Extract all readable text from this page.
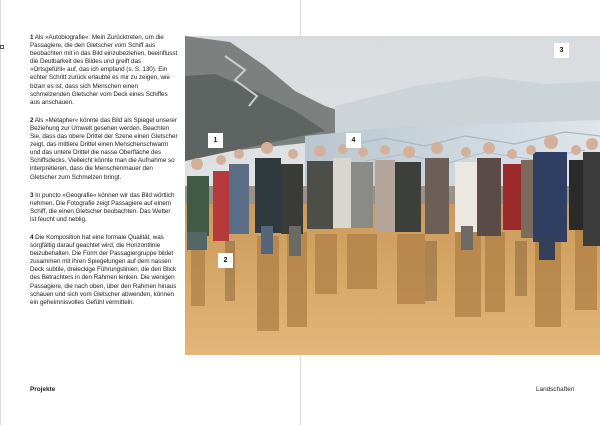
1 Als »Autobiografie«: Mein Zurücktreten, um die Passagiere, die den Gletscher vom Schiff aus beobachten mit in das Bild einzubeziehen, beeinflusst die Deutbarkeit des Bildes und greift das »Ortsgefühl« auf, das ich empfand (s. S. 130). Ein echter Schritt zurück erlaubte es mir zu zeigen, wie bizarr es ist, dass sich Menschen einen schmelzenden Gletscher vom Deck eines Schiffes aus anschauen.

2 Als »Metapher« könnte das Bild als Spiegel unserer Beziehung zur Umwelt gesehen werden. Beachten Sie, dass das obere Drittel der Szene einen Gletscher zeigt, das mittlere Drittel einen Menschenschwarm und das untere Drittel die nasse Oberfläche des Schiffsdecks. Vielleicht könnte man die Aufnahme so interpretieren, dass die Menschenmauer den Gletscher zum Schmelzen bringt.

3 In puncto »Geografie« können wir das Bild wörtlich nehmen. Die Fotografie zeigt Passagiere auf einem Schiff, die einen Gletscher beobachten. Das Wetter ist feucht und neblig.

4 Die Komposition hat eine formale Qualität, was sorgfältig darauf geachtet wird, die Horizontlinie beizubehalten. Die Form der Passagiergruppe bildet zusammen mit ihren Spiegelungen auf dem nassen Deck subtile, dreieckige Führungslinien, die den Blick des Betrachters in den Rahmen lenken. Die wenigen Passagiere, die nach oben, über den Rahmen hinaus schauen und sich vom Gletscher abwenden, können ein geheimnisvolles Gefühl vermitteln.

1
2
3
4
Projekte	Landschaften
